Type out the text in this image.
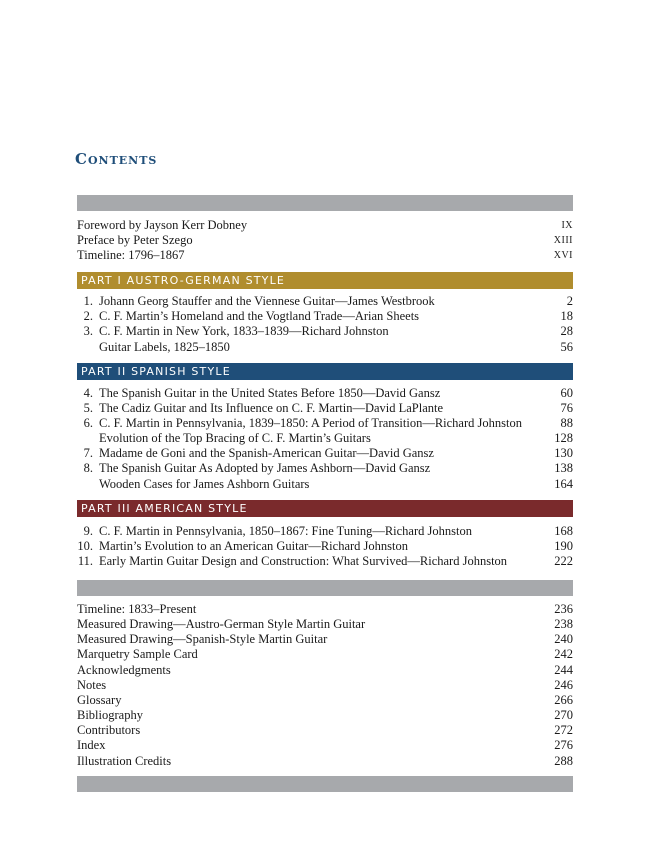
Contents
Foreword by Jayson Kerr Dobney	IX
Preface by Peter Szego	XIII
Timeline: 1796–1867	XVI
PART I AUSTRO-GERMAN STYLE
1. Johann Georg Stauffer and the Viennese Guitar—James Westbrook	2
2. C. F. Martin’s Homeland and the Vogtland Trade—Arian Sheets	18
3. C. F. Martin in New York, 1833–1839—Richard Johnston	28
Guitar Labels, 1825–1850	56
PART II SPANISH STYLE
4. The Spanish Guitar in the United States Before 1850—David Gansz	60
5. The Cadiz Guitar and Its Influence on C. F. Martin—David LaPlante	76
6. C. F. Martin in Pennsylvania, 1839–1850: A Period of Transition—Richard Johnston	88
Evolution of the Top Bracing of C. F. Martin’s Guitars	128
7. Madame de Goni and the Spanish-American Guitar—David Gansz	130
8. The Spanish Guitar As Adopted by James Ashborn—David Gansz	138
Wooden Cases for James Ashborn Guitars	164
PART III AMERICAN STYLE
9. C. F. Martin in Pennsylvania, 1850–1867: Fine Tuning—Richard Johnston	168
10. Martin’s Evolution to an American Guitar—Richard Johnston	190
11. Early Martin Guitar Design and Construction: What Survived—Richard Johnston	222
Timeline: 1833–Present	236
Measured Drawing—Austro-German Style Martin Guitar	238
Measured Drawing—Spanish-Style Martin Guitar	240
Marquetry Sample Card	242
Acknowledgments	244
Notes	246
Glossary	266
Bibliography	270
Contributors	272
Index	276
Illustration Credits	288
